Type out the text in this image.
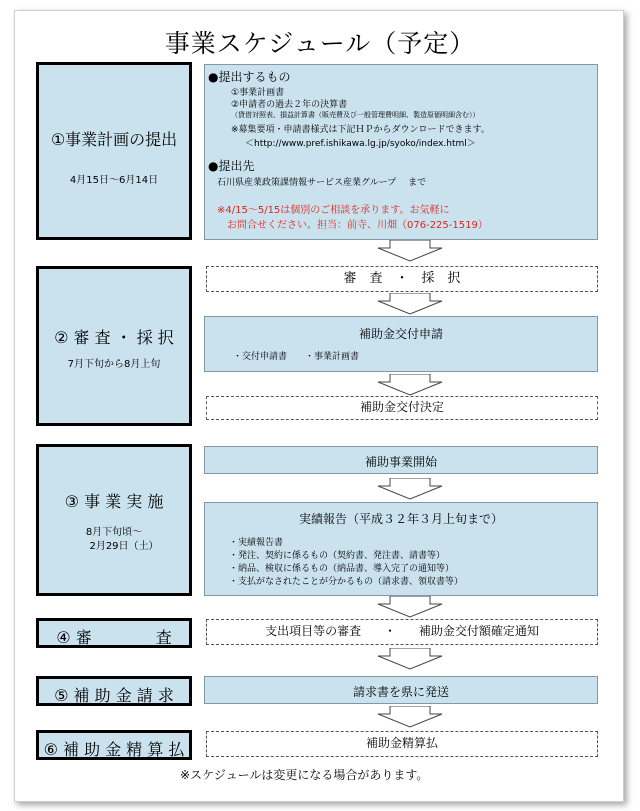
事業スケジュール（予定）
①事業計画の提出
4月15日～6月14日
●提出するもの
①事業計画書
②申請者の過去２年の決算書
（貸借対照表、損益計算書（販売費及び一般管理費明細、製造原価明細含む））
※募集要項・申請書様式は下記ＨＰからダウンロードできます。
＜http://www.pref.ishikawa.lg.jp/syoko/index.html＞
●提出先
石川県産業政策課情報サービス産業グループ　 まで
※4/15～5/15は個別のご相談を承ります。お気軽に
お問合せください。担当：前寺、川畑（076-225-1519）
② 審 査 ・ 採 択
7月下旬から8月上旬
審　査　・　採　択
補助金交付申請
・交付申請書　　・事業計画書
補助金交付決定
③ 事 業 実 施
8月下旬頃～
2月29日（土）
補助事業開始
実績報告（平成３２年３月上旬まで）
・実績報告書
・発注、契約に係るもの（契約書、発注書、請書等）
・納品、検収に係るもの（納品書、導入完了の通知等）
・支払がなされたことが分かるもの（請求書、領収書等）
④ 審　　　　査	支出項目等の審査 ・ 補助金交付額確定通知
⑤ 補 助 金 請 求	請求書を県に発送
⑥ 補 助 金 精 算 払	補助金精算払
※スケジュールは変更になる場合があります。
